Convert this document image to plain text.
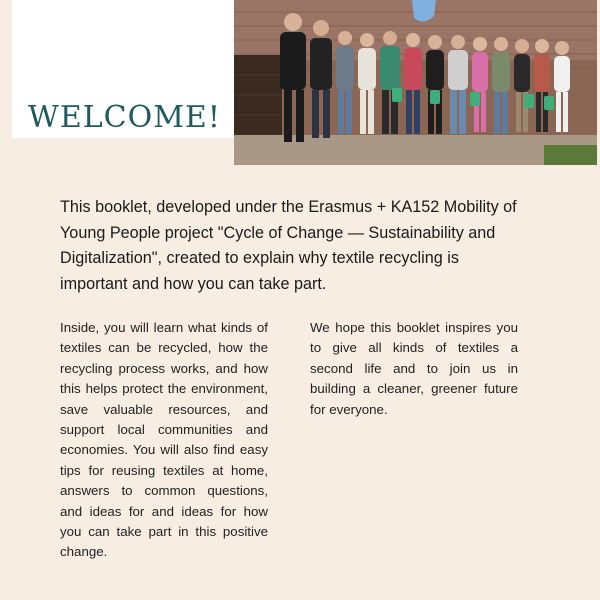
WELCOME!

This booklet, developed under the Erasmus + KA152 Mobility of Young People project "Cycle of Change — Sustainability and Digitalization", created to explain why textile recycling is important and how you can take part.

Inside, you will learn what kinds of textiles can be recycled, how the recycling process works, and how this helps protect the environment, save valuable resources, and support local communities and economies. You will also find easy tips for reusing textiles at home, answers to common questions, and ideas for and ideas for how you can take part in this positive change.

We hope this booklet inspires you to give all kinds of textiles a second life and to join us in building a cleaner, greener future for everyone.
